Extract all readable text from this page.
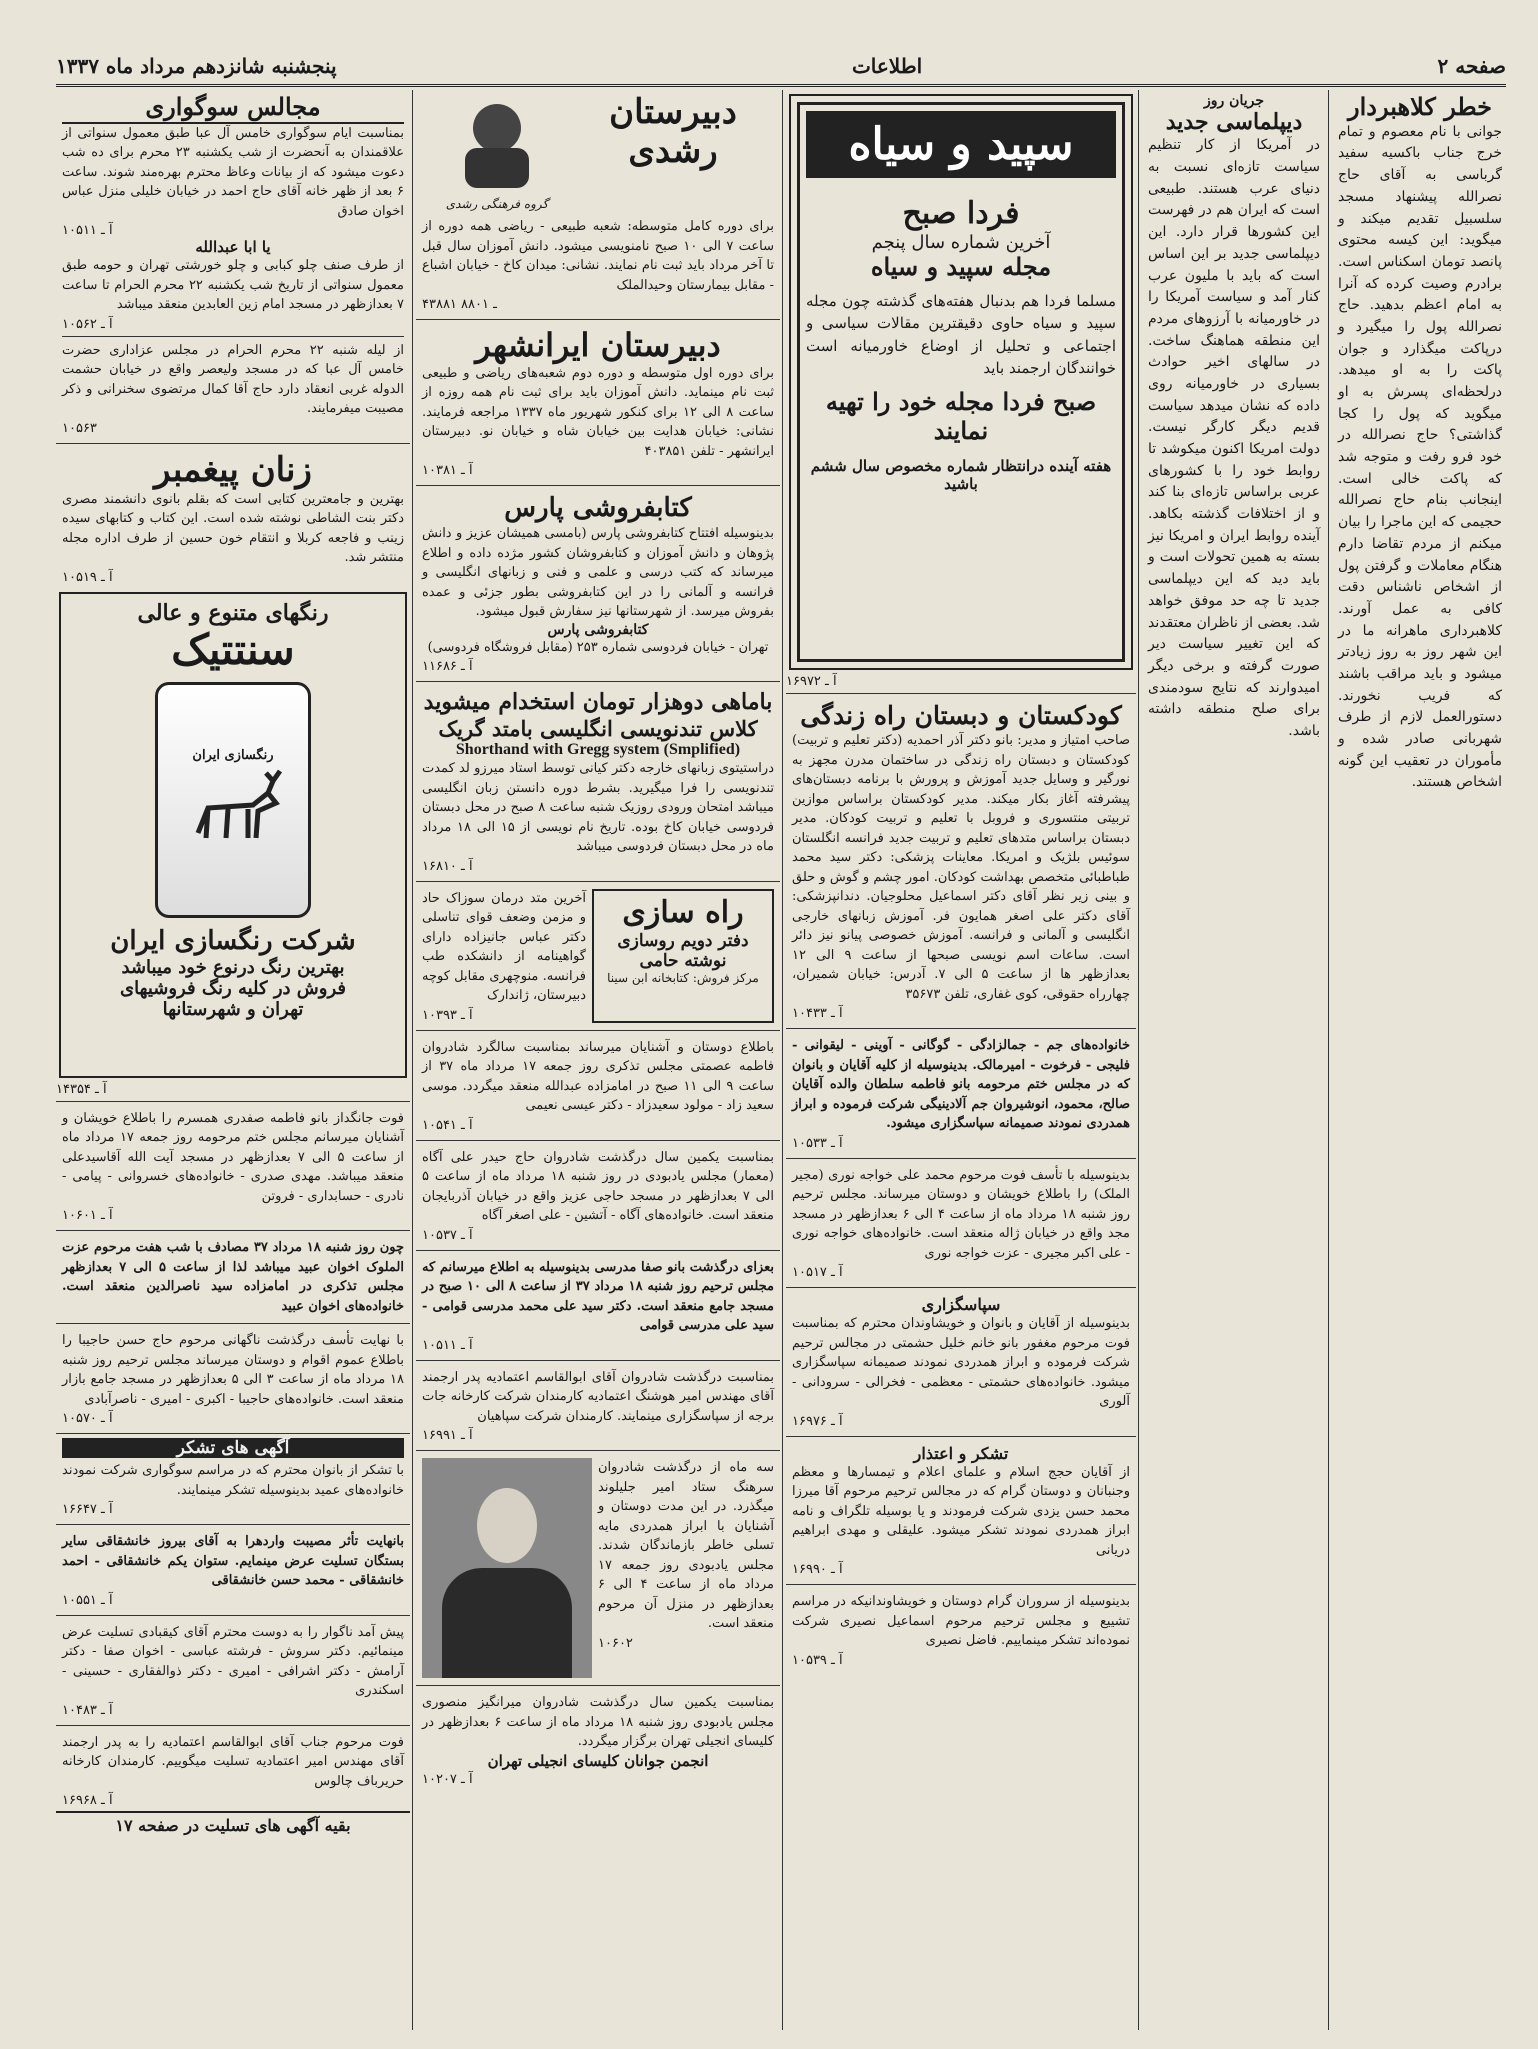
صفحه ۲
اطلاعات
پنجشنبه شانزدهم مرداد ماه ۱۳۳۷
خطر کلاهبردار
جوانی با نام معصوم و تمام خرج جناب باکسیه سفید گرباسی به آقای حاج نصرالله پیشنهاد مسجد سلسبیل تقدیم میکند و میگوید: این کیسه محتوی پانصد تومان اسکناس است. برادرم وصیت کرده که آنرا به امام اعظم بدهید. حاج نصرالله پول را میگیرد و درپاکت میگذارد و جوان پاکت را به او میدهد. درلحظه‌ای پسرش به او میگوید که پول را کجا گذاشتی؟ حاج نصرالله در خود فرو رفت و متوجه شد که پاکت خالی است. اینجانب بنام حاج نصرالله حجیمی که این ماجرا را بیان میکنم از مردم تقاضا دارم هنگام معاملات و گرفتن پول از اشخاص ناشناس دقت کافی به عمل آورند. کلاهبرداری ماهرانه ما در این شهر روز به روز زیادتر میشود و باید مراقب باشند که فریب نخورند. دستورالعمل لازم از طرف شهربانی صادر شده و مأموران در تعقیب این گونه اشخاص هستند.
جریان روز
دیپلماسی جدید
در آمریکا از کار تنظیم سیاست تازه‌ای نسبت به دنیای عرب هستند. طبیعی است که ایران هم در فهرست این کشورها قرار دارد. این دیپلماسی جدید بر این اساس است که باید با ملیون عرب کنار آمد و سیاست آمریکا را در خاورمیانه با آرزوهای مردم این منطقه هماهنگ ساخت. در سالهای اخیر حوادث بسیاری در خاورمیانه روی داده که نشان میدهد سیاست قدیم دیگر کارگر نیست. دولت امریکا اکنون میکوشد تا روابط خود را با کشورهای عربی براساس تازه‌ای بنا کند و از اختلافات گذشته بکاهد. آینده روابط ایران و امریکا نیز بسته به همین تحولات است و باید دید که این دیپلماسی جدید تا چه حد موفق خواهد شد. بعضی از ناظران معتقدند که این تغییر سیاست دیر صورت گرفته و برخی دیگر امیدوارند که نتایج سودمندی برای صلح منطقه داشته باشد.
سپید و سیاه
فردا صبح
آخرین شماره سال پنجم
مجله سپید و سیاه
مسلما فردا هم بدنبال هفته‌های گذشته چون مجله سپید و سیاه حاوی دقیقترین مقالات سیاسی و اجتماعی و تحلیل از اوضاع خاورمیانه است خوانندگان ارجمند باید
صبح فردا مجله خود را تهیه نمایند
هفته آینده درانتظار شماره مخصوص سال ششم باشید
آ ـ ۱۶۹۷۲
کودکستان و دبستان راه زندگی
صاحب امتیاز و مدیر: بانو دکتر آذر احمدیه (دکتر تعلیم و تربیت) کودکستان و دبستان راه زندگی در ساختمان مدرن مجهز به نورگیر و وسایل جدید آموزش و پرورش با برنامه دبستان‌های پیشرفته آغاز بکار میکند. مدیر کودکستان براساس موازین تربیتی منتسوری و فروبل با تعلیم و تربیت کودکان. مدیر دبستان براساس متدهای تعلیم و تربیت جدید فرانسه انگلستان سوئیس بلژیک و امریکا. معاینات پزشکی: دکتر سید محمد طباطبائی متخصص بهداشت کودکان. امور چشم و گوش و حلق و بینی زیر نظر آقای دکتر اسماعیل محلوجیان. دندانپزشکی: آقای دکتر علی اصغر همایون فر. آموزش زبانهای خارجی انگلیسی و آلمانی و فرانسه. آموزش خصوصی پیانو نیز دائر است. ساعات اسم نویسی صبحها از ساعت ۹ الی ۱۲ بعدازظهر ها از ساعت ۵ الی ۷. آدرس: خیابان شمیران، چهارراه حقوقی، کوی غفاری، تلفن ۳۵۶۷۳
آ ـ ۱۰۴۳۳
خانواده‌های جم - جمالزادگی - گوگانی - آوینی - لیقوانی - فلیجی - فرخوت - امیرمالک. بدینوسیله از کلیه آقایان و بانوان که در مجلس ختم مرحومه بانو فاطمه سلطان والده آقایان صالح، محمود، انوشیروان جم آلادینیگی شرکت فرموده و ابراز همدردی نمودند صمیمانه سپاسگزاری میشود.
آ ـ ۱۰۵۳۳
بدینوسیله با تأسف فوت مرحوم محمد علی خواجه نوری (مجیر الملک) را باطلاع خویشان و دوستان میرساند. مجلس ترحیم روز شنبه ۱۸ مرداد ماه از ساعت ۴ الی ۶ بعدازظهر در مسجد مجد واقع در خیابان ژاله منعقد است. خانواده‌های خواجه نوری - علی اکبر مجیری - عزت خواجه نوری
آ ـ ۱۰۵۱۷
سپاسگزاری
بدینوسیله از آقایان و بانوان و خویشاوندان محترم که بمناسبت فوت مرحوم مغفور بانو خانم خلیل حشمتی در مجالس ترحیم شرکت فرموده و ابراز همدردی نمودند صمیمانه سپاسگزاری میشود. خانواده‌های حشمتی - معظمی - فخرالی - سرودانی - آلوری
آ ـ ۱۶۹۷۶
تشکر و اعتذار
از آقایان حجج اسلام و علمای اعلام و تیمسارها و معظم وجنبانان و دوستان گرام که در مجالس ترحیم مرحوم آقا میرزا محمد حسن یزدی شرکت فرمودند و یا بوسیله تلگراف و نامه ابراز همدردی نمودند تشکر میشود. علیقلی و مهدی ابراهیم دریانی
آ ـ ۱۶۹۹۰
بدینوسیله از سروران گرام دوستان و خویشاوندانیکه در مراسم تشییع و مجلس ترحیم مرحوم اسماعیل نصیری شرکت نموده‌اند تشکر مینماییم. فاضل نصیری
آ ـ ۱۰۵۳۹
دبیرستان رشدی
گروه فرهنگی رشدی
برای دوره کامل متوسطه: شعبه طبیعی - ریاضی همه دوره از ساعت ۷ الی ۱۰ صبح نامنویسی میشود. دانش آموزان سال قبل تا آخر مرداد باید ثبت نام نمایند. نشانی: میدان کاخ - خیابان اشباع - مقابل بیمارستان وحیدالملک
۴۳۸۸۱ ـ ۸۸۰۱
دبیرستان ایرانشهر
برای دوره اول متوسطه و دوره دوم شعبه‌های ریاضی و طبیعی ثبت نام مینماید. دانش آموزان باید برای ثبت نام همه روزه از ساعت ۸ الی ۱۲ برای کنکور شهریور ماه ۱۳۳۷ مراجعه فرمایند. نشانی: خیابان هدایت بین خیابان شاه و خیابان نو. دبیرستان ایرانشهر - تلفن ۴۰۳۸۵۱
آ ـ ۱۰۳۸۱
کتابفروشی پارس
بدینوسیله افتتاح کتابفروشی پارس (بامسی همیشان عزیز و دانش پژوهان و دانش آموزان و کتابفروشان کشور مژده داده و اطلاع میرساند که کتب درسی و علمی و فنی و زبانهای انگلیسی و فرانسه و آلمانی را در این کتابفروشی بطور جزئی و عمده بفروش میرسد. از شهرستانها نیز سفارش قبول میشود.
کتابفروشی پارس
تهران - خیابان فردوسی شماره ۲۵۳ (مقابل فروشگاه فردوسی)
آ ـ ۱۱۶۸۶
باماهی دوهزار تومان استخدام میشوید
کلاس تندنویسی انگلیسی بامتد گریک
Shorthand with Gregg system (Smplified)
دراستیتوی زبانهای خارجه دکتر کیانی توسط استاد میرزو لد کمدت تندنویسی را فرا میگیرید. بشرط دوره دانستن زبان انگلیسی میباشد امتحان ورودی روزیک شنبه ساعت ۸ صبح در محل دبستان فردوسی خیابان کاخ بوده. تاریخ نام نویسی از ۱۵ الی ۱۸ مرداد ماه در محل دبستان فردوسی میباشد
آ ـ ۱۶۸۱۰
راه سازی
دفتر دویم روسازی
نوشته حامی
مرکز فروش: کتابخانه ابن سینا
آخرین متد درمان سوزاک حاد و مزمن وضعف قوای تناسلی دکتر عباس جانیزاده دارای گواهینامه از دانشکده طب فرانسه. منوچهری مقابل کوچه دبیرستان، ژاندارک
آ ـ ۱۰۳۹۳
باطلاع دوستان و آشنایان میرساند بمناسبت سالگرد شادروان فاطمه عصمتی مجلس تذکری روز جمعه ۱۷ مرداد ماه ۳۷ از ساعت ۹ الی ۱۱ صبح در امامزاده عبدالله منعقد میگردد. موسی سعید زاد - مولود سعیدزاد - دکتر عیسی نعیمی
آ ـ ۱۰۵۴۱
بمناسبت یکمین سال درگذشت شادروان حاج حیدر علی آگاه (معمار) مجلس یادبودی در روز شنبه ۱۸ مرداد ماه از ساعت ۵ الی ۷ بعدازظهر در مسجد حاجی عزیز واقع در خیابان آذربایجان منعقد است. خانواده‌های آگاه - آتشین - علی اصغر آگاه
آ ـ ۱۰۵۳۷
بعزای درگذشت بانو صفا مدرسی بدینوسیله به اطلاع میرسانم که مجلس ترحیم روز شنبه ۱۸ مرداد ۳۷ از ساعت ۸ الی ۱۰ صبح در مسجد جامع منعقد است. دکتر سید علی محمد مدرسی قوامی - سید علی مدرسی قوامی
آ ـ ۱۰۵۱۱
بمناسبت درگذشت شادروان آقای ابوالقاسم اعتمادیه پدر ارجمند آقای مهندس امیر هوشنگ اعتمادیه کارمندان شرکت کارخانه جات برجه از سپاسگزاری مینمایند. کارمندان شرکت سپاهیان
آ ـ ۱۶۹۹۱
سه ماه از درگذشت شادروان سرهنگ ستاد امیر جلیلوند میگذرد. در این مدت دوستان و آشنایان با ابراز همدردی مایه تسلی خاطر بازماندگان شدند. مجلس یادبودی روز جمعه ۱۷ مرداد ماه از ساعت ۴ الی ۶ بعدازظهر در منزل آن مرحوم منعقد است.
۱۰۶۰۲
بمناسبت یکمین سال درگذشت شادروان میرانگیز منصوری مجلس یادبودی روز شنبه ۱۸ مرداد ماه از ساعت ۶ بعدازظهر در کلیسای انجیلی تهران برگزار میگردد.
انجمن جوانان کلیسای انجیلی تهران
آ ـ ۱۰۲۰۷
مجالس سوگواری
بمناسبت ایام سوگواری خامس آل عبا طبق معمول سنواتی از علاقمندان به آنحضرت از شب یکشنبه ۲۳ محرم برای ده شب دعوت میشود که از بیانات وعاظ محترم بهره‌مند شوند. ساعت ۶ بعد از ظهر خانه آقای حاج احمد در خیابان خلیلی منزل عباس اخوان صادق
آ ـ ۱۰۵۱۱
یا ابا عبدالله
از طرف صنف چلو کبابی و چلو خورشتی تهران و حومه طبق معمول سنواتی از تاریخ شب یکشنبه ۲۲ محرم الحرام تا ساعت ۷ بعدازظهر در مسجد امام زین العابدین منعقد میباشد
آ ـ ۱۰۵۶۲
از لیله شنبه ۲۲ محرم الحرام در مجلس عزاداری حضرت خامس آل عبا که در مسجد ولیعصر واقع در خیابان حشمت الدوله غربی انعقاد دارد حاج آقا کمال مرتضوی سخنرانی و ذکر مصیبت میفرمایند.
۱۰۵۶۳
زنان پیغمبر
بهترین و جامعترین کتابی است که بقلم بانوی دانشمند مصری دکتر بنت الشاطی نوشته شده است. این کتاب و کتابهای سیده زینب و فاجعه کربلا و انتقام خون حسین از طرف اداره مجله منتشر شد.
آ ـ ۱۰۵۱۹
رنگهای متنوع و عالی
سنتتیک
رنگسازی ایران
شرکت رنگسازی ایران
بهترین رنگ درنوع خود میباشد
فروش در کلیه رنگ فروشیهای
تهران و شهرستانها
آ ـ ۱۴۳۵۴
فوت جانگداز بانو فاطمه صفدری همسرم را باطلاع خویشان و آشنایان میرسانم مجلس ختم مرحومه روز جمعه ۱۷ مرداد ماه از ساعت ۵ الی ۷ بعدازظهر در مسجد آیت الله آقاسیدعلی منعقد میباشد. مهدی صدری - خانواده‌های خسروانی - پیامی - نادری - حسابداری - فروتن
آ ـ ۱۰۶۰۱
چون روز شنبه ۱۸ مرداد ۳۷ مصادف با شب هفت مرحوم عزت الملوک اخوان عبید میباشد لذا از ساعت ۵ الی ۷ بعدازظهر مجلس تذکری در امامزاده سید ناصرالدین منعقد است. خانواده‌های اخوان عبید
با نهایت تأسف درگذشت ناگهانی مرحوم حاج حسن حاجیبا را باطلاع عموم اقوام و دوستان میرساند مجلس ترحیم روز شنبه ۱۸ مرداد ماه از ساعت ۳ الی ۵ بعدازظهر در مسجد جامع بازار منعقد است. خانواده‌های حاجیبا - اکبری - امیری - ناصرآبادی
آ ـ ۱۰۵۷۰
آگهی های تشکر
با تشکر از بانوان محترم که در مراسم سوگواری شرکت نمودند خانواده‌های عمید بدینوسیله تشکر مینمایند.
آ ـ ۱۶۶۴۷
بانهایت تأثر مصیبت واردهرا به آقای بیروز خانشقاقی سایر بستگان تسلیت عرض مینمایم. ستوان یکم خانشقاقی - احمد خانشقاقی - محمد حسن خانشقاقی
آ ـ ۱۰۵۵۱
پیش آمد ناگوار را به دوست محترم آقای کیقبادی تسلیت عرض مینمائیم. دکتر سروش - فرشته عباسی - اخوان صفا - دکتر آرامش - دکتر اشرافی - امیری - دکتر ذوالفقاری - حسینی - اسکندری
آ ـ ۱۰۴۸۳
فوت مرحوم جناب آقای ابوالقاسم اعتمادیه را به پدر ارجمند آقای مهندس امیر اعتمادیه تسلیت میگوییم. کارمندان کارخانه حریرباف چالوس
آ ـ ۱۶۹۶۸
بقیه آگهی های تسلیت در صفحه ۱۷
